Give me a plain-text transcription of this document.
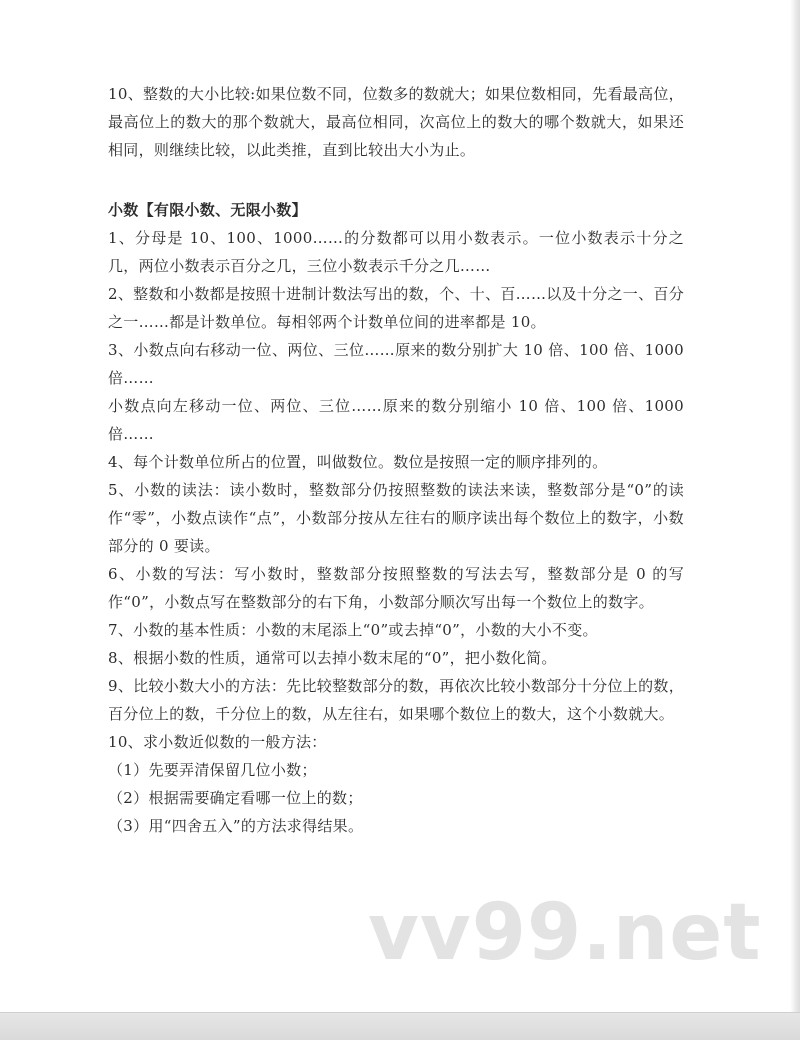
10、整数的大小比较:如果位数不同，位数多的数就大；如果位数相同，先看最高位，最高位上的数大的那个数就大，最高位相同，次高位上的数大的哪个数就大，如果还相同，则继续比较，以此类推，直到比较出大小为止。

小数【有限小数、无限小数】

1、分母是 10、100、1000……的分数都可以用小数表示。一位小数表示十分之几，两位小数表示百分之几，三位小数表示千分之几……

2、整数和小数都是按照十进制计数法写出的数，个、十、百……以及十分之一、百分之一……都是计数单位。每相邻两个计数单位间的进率都是 10。

3、小数点向右移动一位、两位、三位……原来的数分别扩大 10 倍、100 倍、1000 倍……

小数点向左移动一位、两位、三位……原来的数分别缩小 10 倍、100 倍、1000 倍……

4、每个计数单位所占的位置，叫做数位。数位是按照一定的顺序排列的。

5、小数的读法：读小数时，整数部分仍按照整数的读法来读，整数部分是“0”的读作“零”，小数点读作“点”，小数部分按从左往右的顺序读出每个数位上的数字，小数部分的 0 要读。

6、小数的写法：写小数时，整数部分按照整数的写法去写，整数部分是 0 的写作“0”，小数点写在整数部分的右下角，小数部分顺次写出每一个数位上的数字。

7、小数的基本性质：小数的末尾添上“0”或去掉“0”，小数的大小不变。

8、根据小数的性质，通常可以去掉小数末尾的“0”，把小数化简。

9、比较小数大小的方法：先比较整数部分的数，再依次比较小数部分十分位上的数，百分位上的数，千分位上的数，从左往右，如果哪个数位上的数大，这个小数就大。

10、求小数近似数的一般方法：

（1）先要弄清保留几位小数；

（2）根据需要确定看哪一位上的数；

（3）用“四舍五入”的方法求得结果。

vv99.net
